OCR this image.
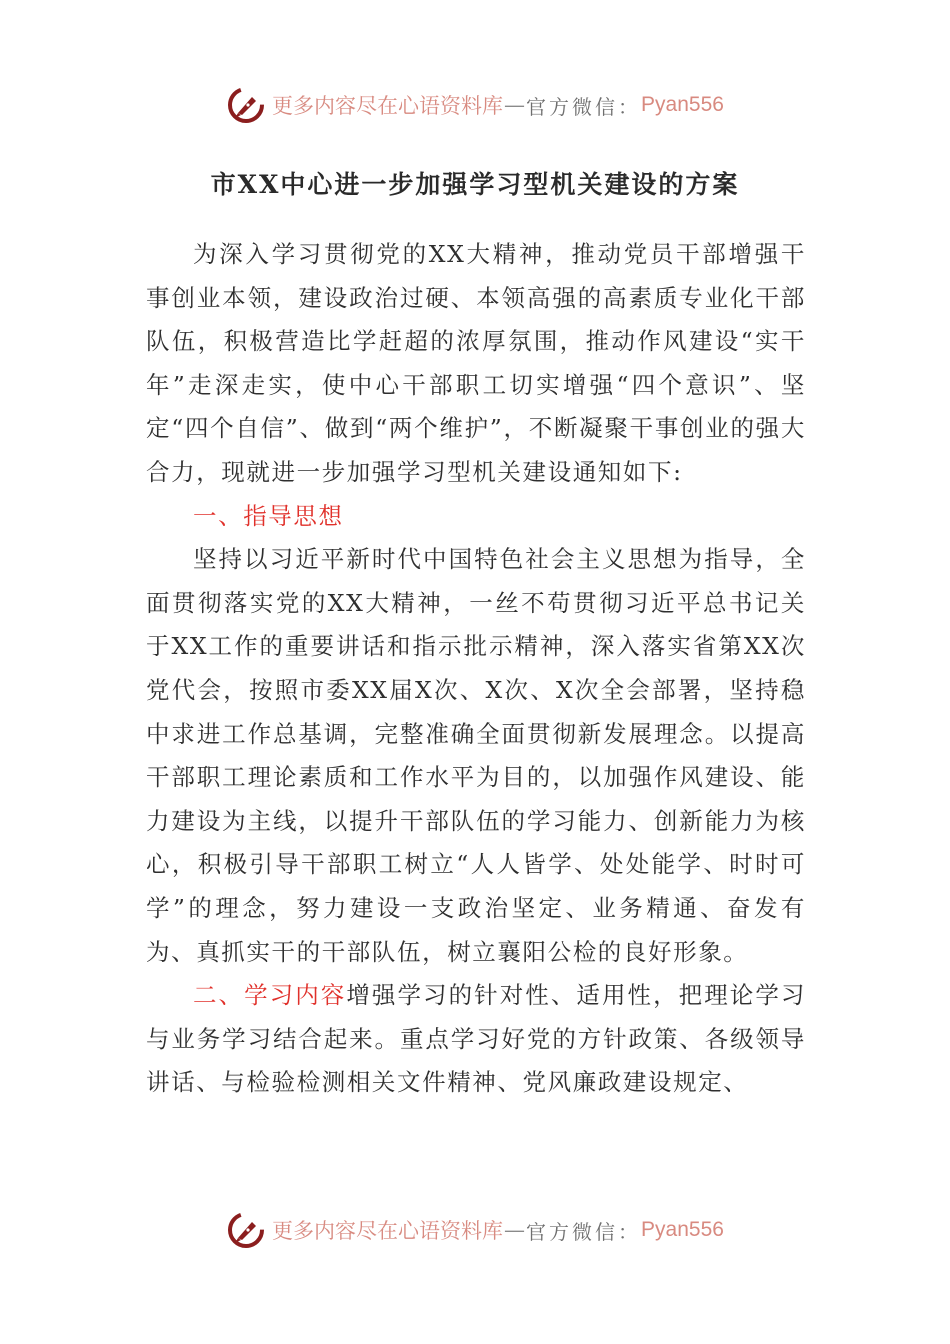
更多内容尽在心语资料库 — 官方微信： Pyan556
市XX中心进一步加强学习型机关建设的方案

为深入学习贯彻党的XX大精神，推动党员干部增强干事创业本领，建设政治过硬、本领高强的高素质专业化干部队伍，积极营造比学赶超的浓厚氛围，推动作风建设“实干年”走深走实，使中心干部职工切实增强“四个意识”、坚定“四个自信”、做到“两个维护”，不断凝聚干事创业的强大合力，现就进一步加强学习型机关建设通知如下:

一、指导思想

坚持以习近平新时代中国特色社会主义思想为指导，全面贯彻落实党的XX大精神，一丝不苟贯彻习近平总书记关于XX工作的重要讲话和指示批示精神，深入落实省第XX次党代会，按照市委XX届X次、X次、X次全会部署，坚持稳中求进工作总基调，完整准确全面贯彻新发展理念。以提高干部职工理论素质和工作水平为目的，以加强作风建设、能力建设为主线，以提升干部队伍的学习能力、创新能力为核心，积极引导干部职工树立“人人皆学、处处能学、时时可学”的理念，努力建设一支政治坚定、业务精通、奋发有为、真抓实干的干部队伍，树立襄阳公检的良好形象。

二、学习内容增强学习的针对性、适用性，把理论学习与业务学习结合起来。重点学习好党的方针政策、各级领导讲话、与检验检测相关文件精神、党风廉政建设规定、

更多内容尽在心语资料库 — 官方微信： Pyan556
